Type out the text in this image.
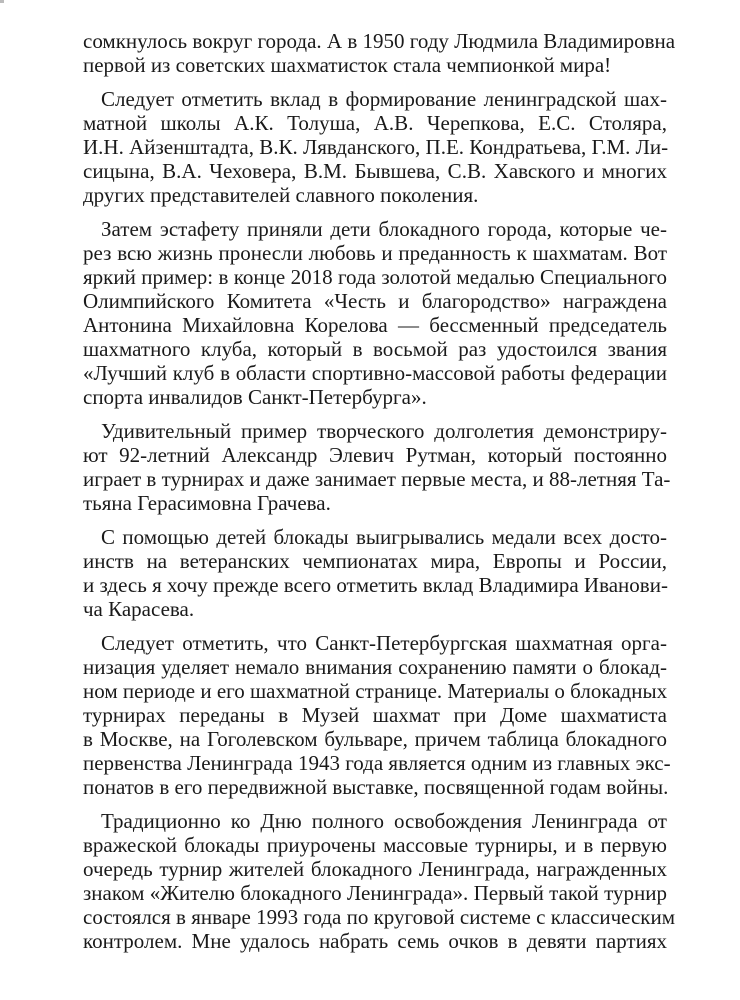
сомкнулось вокруг города. А в 1950 году Людмила Владимировна
первой из советских шахматисток стала чемпионкой мира!
Следует отметить вклад в формирование ленинградской шах-
матной школы А.К. Толуша, А.В. Черепкова, Е.С. Столяра,
И.Н. Айзенштадта, В.К. Лявданского, П.Е. Кондратьева, Г.М. Ли-
сицына, В.А. Чеховера, В.М. Бывшева, С.В. Хавского и многих
других представителей славного поколения.
Затем эстафету приняли дети блокадного города, которые че-
рез всю жизнь пронесли любовь и преданность к шахматам. Вот
яркий пример: в конце 2018 года золотой медалью Специального
Олимпийского Комитета «Честь и благородство» награждена
Антонина Михайловна Корелова — бессменный председатель
шахматного клуба, который в восьмой раз удостоился звания
«Лучший клуб в области спортивно-массовой работы федерации
спорта инвалидов Санкт-Петербурга».
Удивительный пример творческого долголетия демонстриру-
ют 92-летний Александр Элевич Рутман, который постоянно
играет в турнирах и даже занимает первые места, и 88-летняя Та-
тьяна Герасимовна Грачева.
С помощью детей блокады выигрывались медали всех досто-
инств на ветеранских чемпионатах мира, Европы и России,
и здесь я хочу прежде всего отметить вклад Владимира Иванови-
ча Карасева.
Следует отметить, что Санкт-Петербургская шахматная орга-
низация уделяет немало внимания сохранению памяти о блокад-
ном периоде и его шахматной странице. Материалы о блокадных
турнирах переданы в Музей шахмат при Доме шахматиста
в Москве, на Гоголевском бульваре, причем таблица блокадного
первенства Ленинграда 1943 года является одним из главных экс-
понатов в его передвижной выставке, посвященной годам войны.
Традиционно ко Дню полного освобождения Ленинграда от
вражеской блокады приурочены массовые турниры, и в первую
очередь турнир жителей блокадного Ленинграда, награжденных
знаком «Жителю блокадного Ленинграда». Первый такой турнир
состоялся в январе 1993 года по круговой системе с классическим
контролем. Мне удалось набрать семь очков в девяти партиях
